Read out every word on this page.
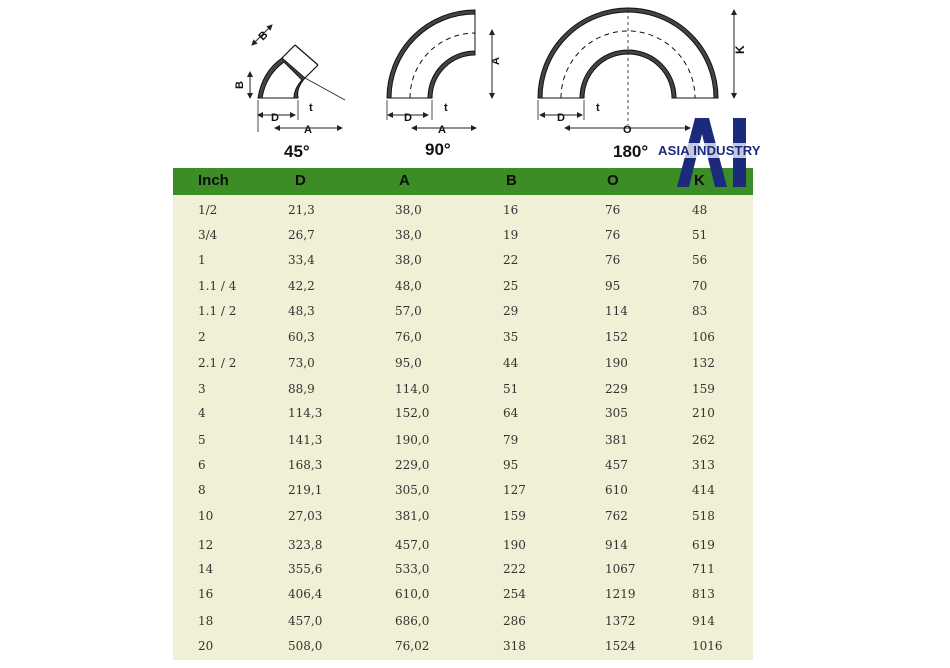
B
B
D
t
A
A
D
t
A
K
D
t
O
45°	90°	180°
Inch	D	A	B	O	K
1/2	21,3	38,0	16	76	48
3/4	26,7	38,0	19	76	51
1	33,4	38,0	22	76	56
1.1 / 4	42,2	48,0	25	95	70
1.1 / 2	48,3	57,0	29	114	83
2	60,3	76,0	35	152	106
2.1 / 2	73,0	95,0	44	190	132
3	88,9	114,0	51	229	159
4	114,3	152,0	64	305	210
5	141,3	190,0	79	381	262
6	168,3	229,0	95	457	313
8	219,1	305,0	127	610	414
10	27,03	381,0	159	762	518
12	323,8	457,0	190	914	619
14	355,6	533,0	222	1067	711
16	406,4	610,0	254	1219	813
18	457,0	686,0	286	1372	914
20	508,0	76,02	318	1524	1016
ASIA INDUSTRY
